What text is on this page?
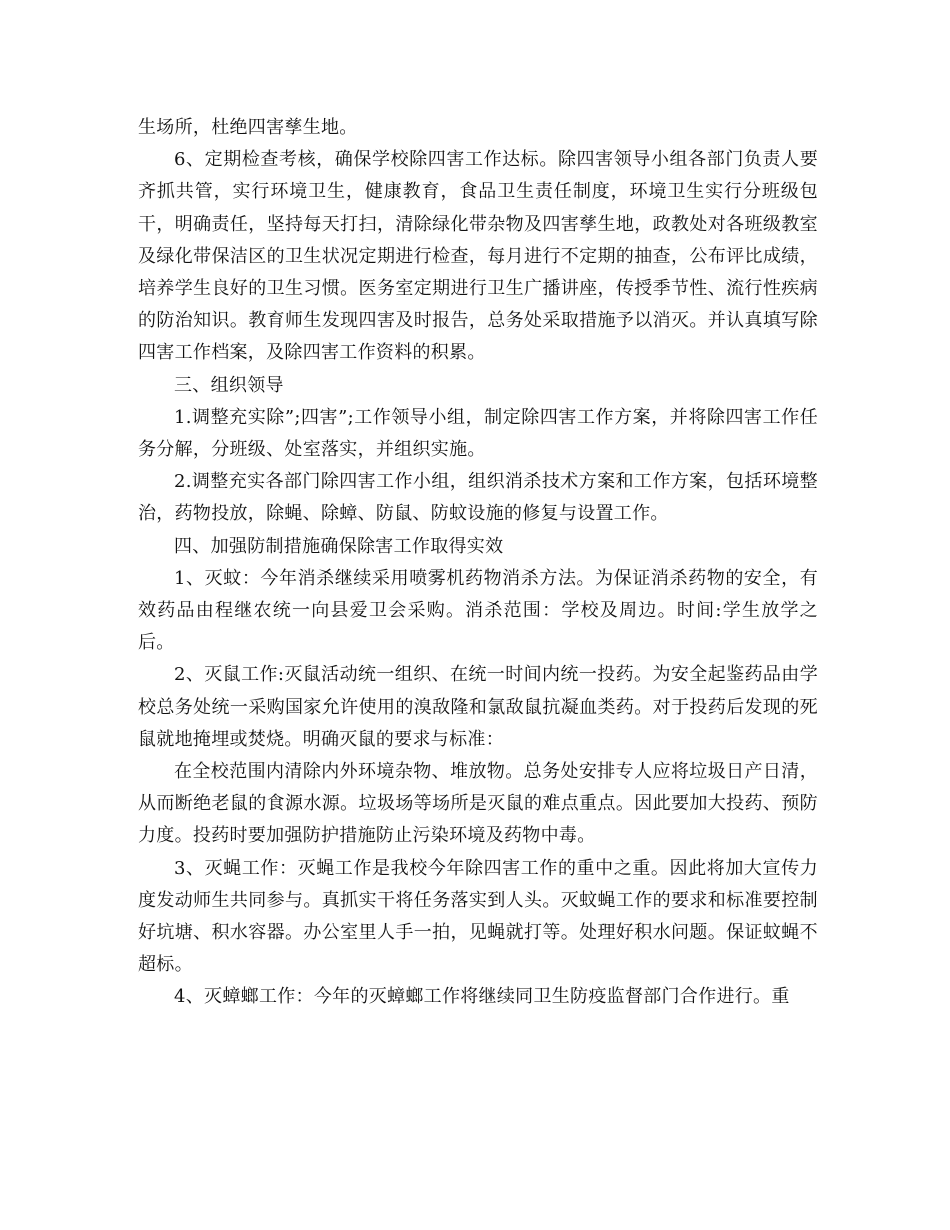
生场所，杜绝四害孳生地。

6、定期检查考核，确保学校除四害工作达标。除四害领导小组各部门负责人要齐抓共管，实行环境卫生，健康教育，食品卫生责任制度，环境卫生实行分班级包干，明确责任，坚持每天打扫，清除绿化带杂物及四害孳生地，政教处对各班级教室及绿化带保洁区的卫生状况定期进行检查，每月进行不定期的抽查，公布评比成绩，培养学生良好的卫生习惯。医务室定期进行卫生广播讲座，传授季节性、流行性疾病的防治知识。教育师生发现四害及时报告，总务处采取措施予以消灭。并认真填写除四害工作档案，及除四害工作资料的积累。

三、组织领导

1.调整充实除”;四害”;工作领导小组，制定除四害工作方案，并将除四害工作任务分解，分班级、处室落实，并组织实施。

2.调整充实各部门除四害工作小组，组织消杀技术方案和工作方案，包括环境整治，药物投放，除蝇、除蟑、防鼠、防蚊设施的修复与设置工作。

四、加强防制措施确保除害工作取得实效

1、灭蚊：今年消杀继续采用喷雾机药物消杀方法。为保证消杀药物的安全，有效药品由程继农统一向县爱卫会采购。消杀范围：学校及周边。时间:学生放学之后。

2、灭鼠工作:灭鼠活动统一组织、在统一时间内统一投药。为安全起鉴药品由学校总务处统一采购国家允许使用的溴敌隆和氯敌鼠抗凝血类药。对于投药后发现的死鼠就地掩埋或焚烧。明确灭鼠的要求与标准：

在全校范围内清除内外环境杂物、堆放物。总务处安排专人应将垃圾日产日清，从而断绝老鼠的食源水源。垃圾场等场所是灭鼠的难点重点。因此要加大投药、预防力度。投药时要加强防护措施防止污染环境及药物中毒。

3、灭蝇工作：灭蝇工作是我校今年除四害工作的重中之重。因此将加大宣传力度发动师生共同参与。真抓实干将任务落实到人头。灭蚊蝇工作的要求和标准要控制好坑塘、积水容器。办公室里人手一拍，见蝇就打等。处理好积水问题。保证蚊蝇不超标。

4、灭蟑螂工作：今年的灭蟑螂工作将继续同卫生防疫监督部门合作进行。重
